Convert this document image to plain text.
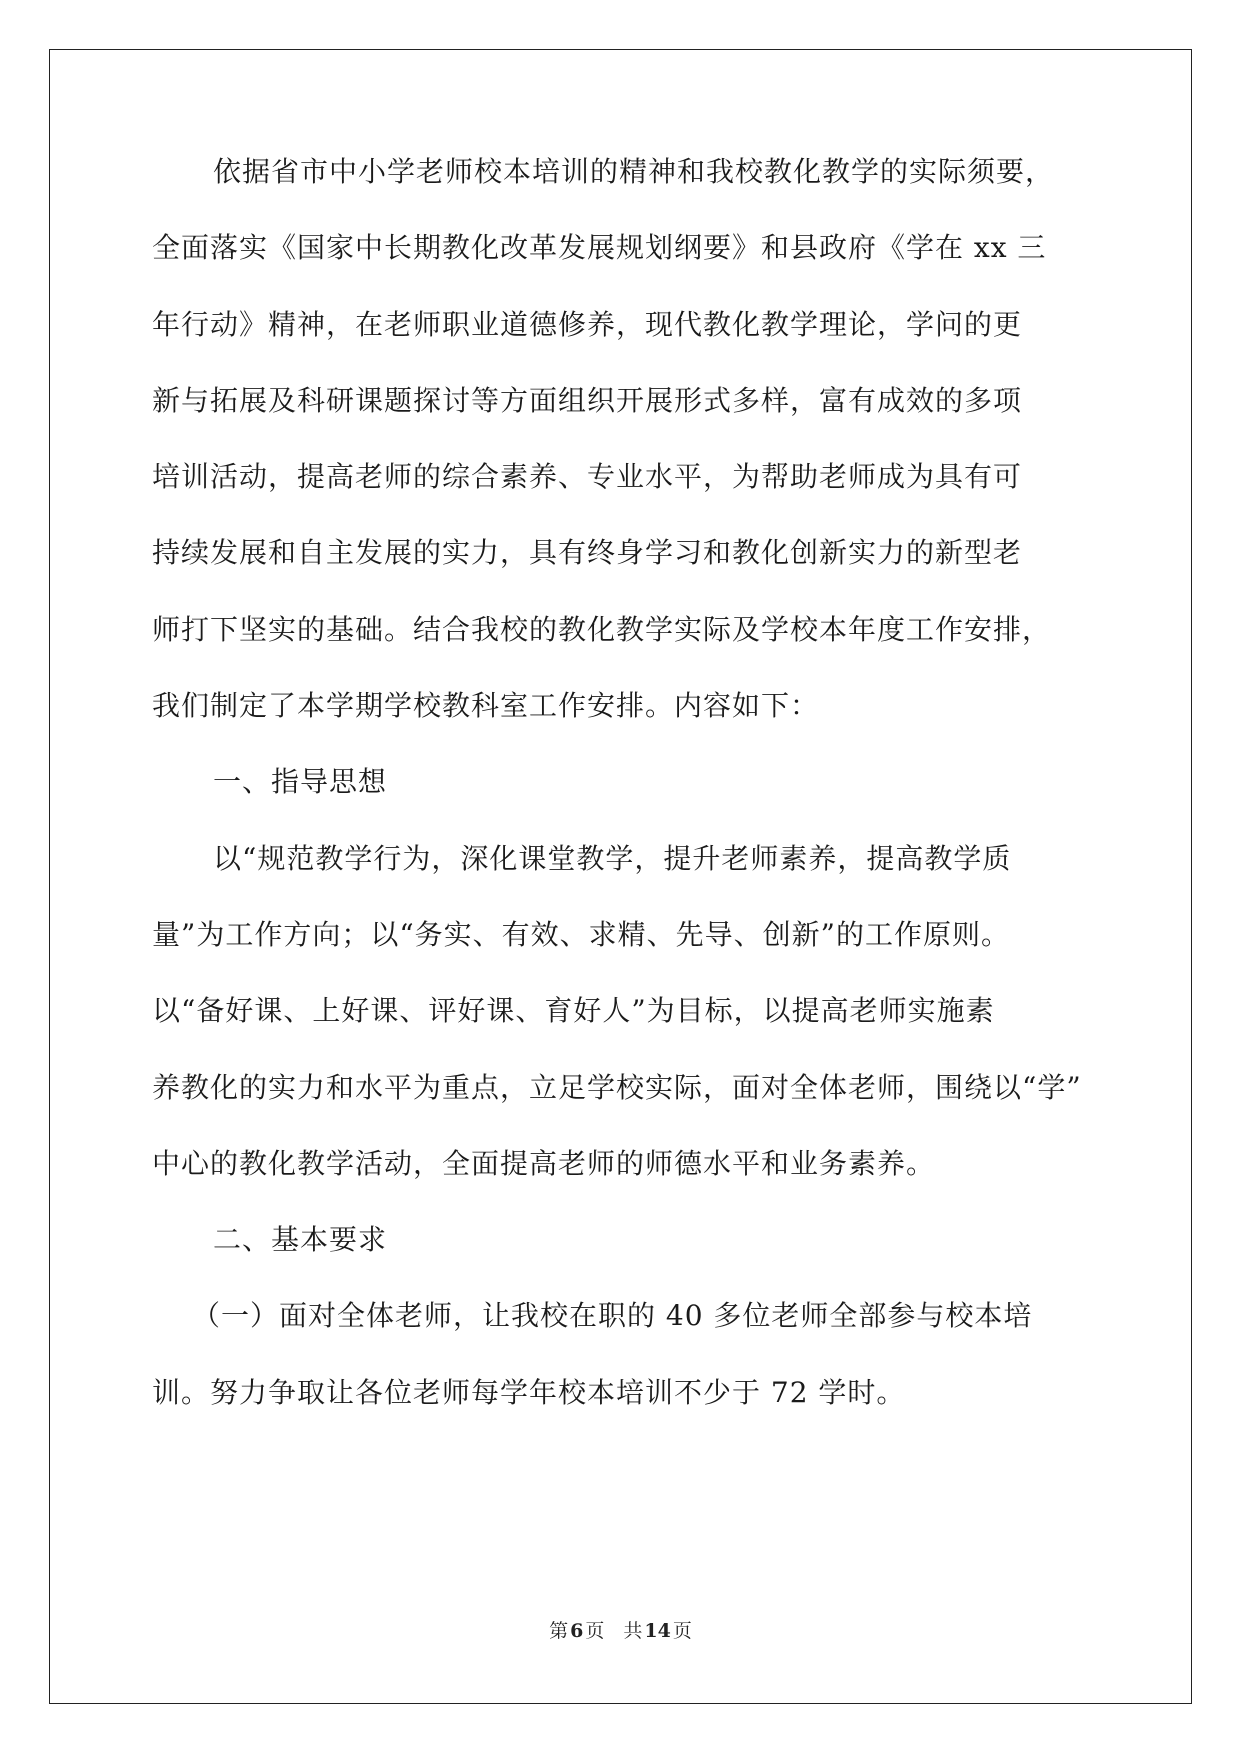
依据省市中小学老师校本培训的精神和我校教化教学的实际须要，
全面落实《国家中长期教化改革发展规划纲要》和县政府《学在 xx 三
年行动》精神，在老师职业道德修养，现代教化教学理论，学问的更
新与拓展及科研课题探讨等方面组织开展形式多样，富有成效的多项
培训活动，提高老师的综合素养、专业水平，为帮助老师成为具有可
持续发展和自主发展的实力，具有终身学习和教化创新实力的新型老
师打下坚实的基础。结合我校的教化教学实际及学校本年度工作安排，
我们制定了本学期学校教科室工作安排。内容如下：
一、指导思想
以“规范教学行为，深化课堂教学，提升老师素养，提高教学质
量”为工作方向；以“务实、有效、求精、先导、创新”的工作原则。
以“备好课、上好课、评好课、育好人”为目标，以提高老师实施素
养教化的实力和水平为重点，立足学校实际，面对全体老师，围绕以“学”
中心的教化教学活动，全面提高老师的师德水平和业务素养。
二、基本要求
（一）面对全体老师，让我校在职的 40 多位老师全部参与校本培
训。努力争取让各位老师每学年校本培训不少于 72 学时。
第 6 页 共 14 页
